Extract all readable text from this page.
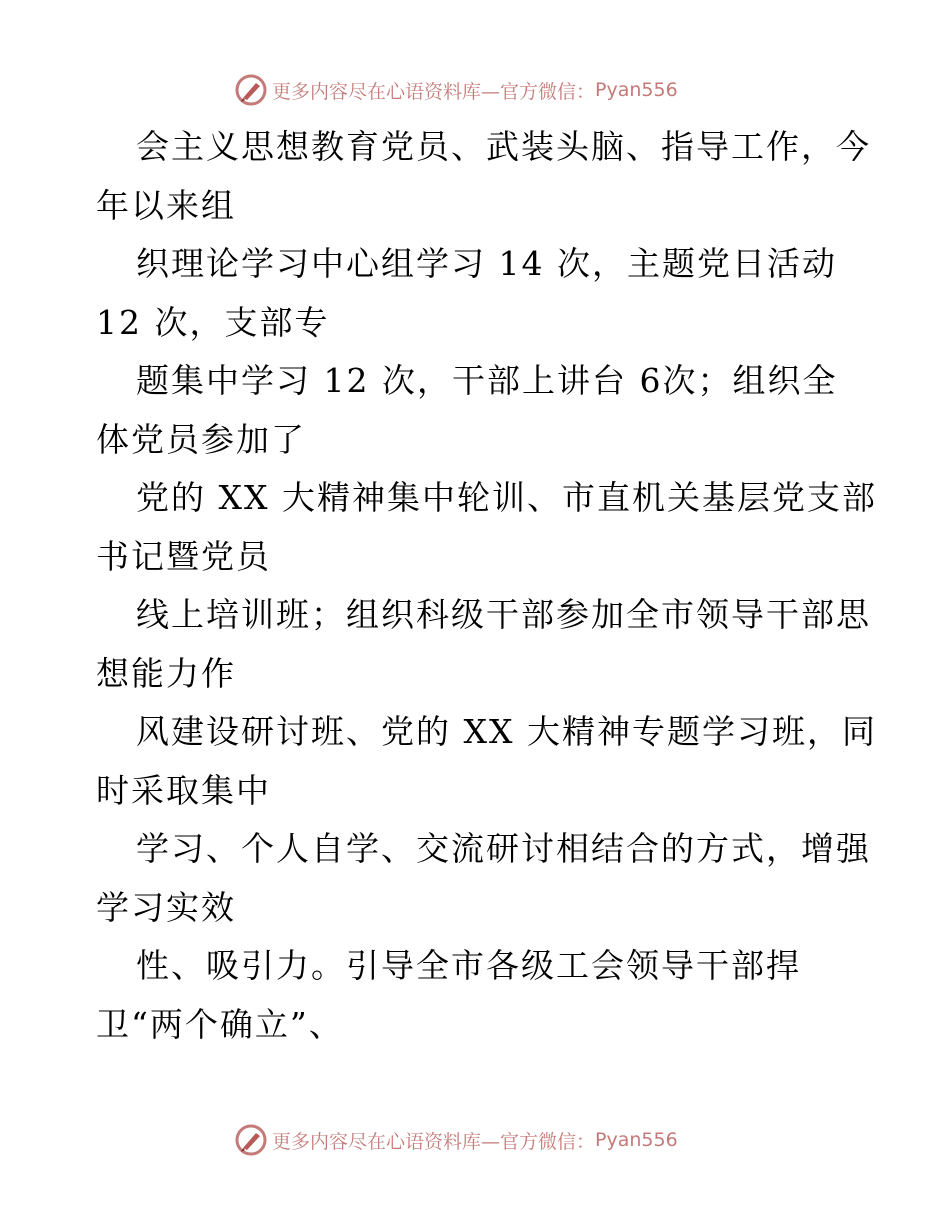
更多内容尽在心语资料库—官方微信： Pyan556
会主义思想教育党员、武装头脑、指导工作，今
年以来组
织理论学习中心组学习 14 次，主题党日活动
12 次，支部专
题集中学习 12 次，干部上讲台 6次；组织全
体党员参加了
党的 XX 大精神集中轮训、市直机关基层党支部
书记暨党员
线上培训班；组织科级干部参加全市领导干部思
想能力作
风建设研讨班、党的 XX 大精神专题学习班，同
时采取集中
学习、个人自学、交流研讨相结合的方式，增强
学习实效
性、吸引力。引导全市各级工会领导干部捍
卫“两个确立”、
更多内容尽在心语资料库—官方微信： Pyan556
